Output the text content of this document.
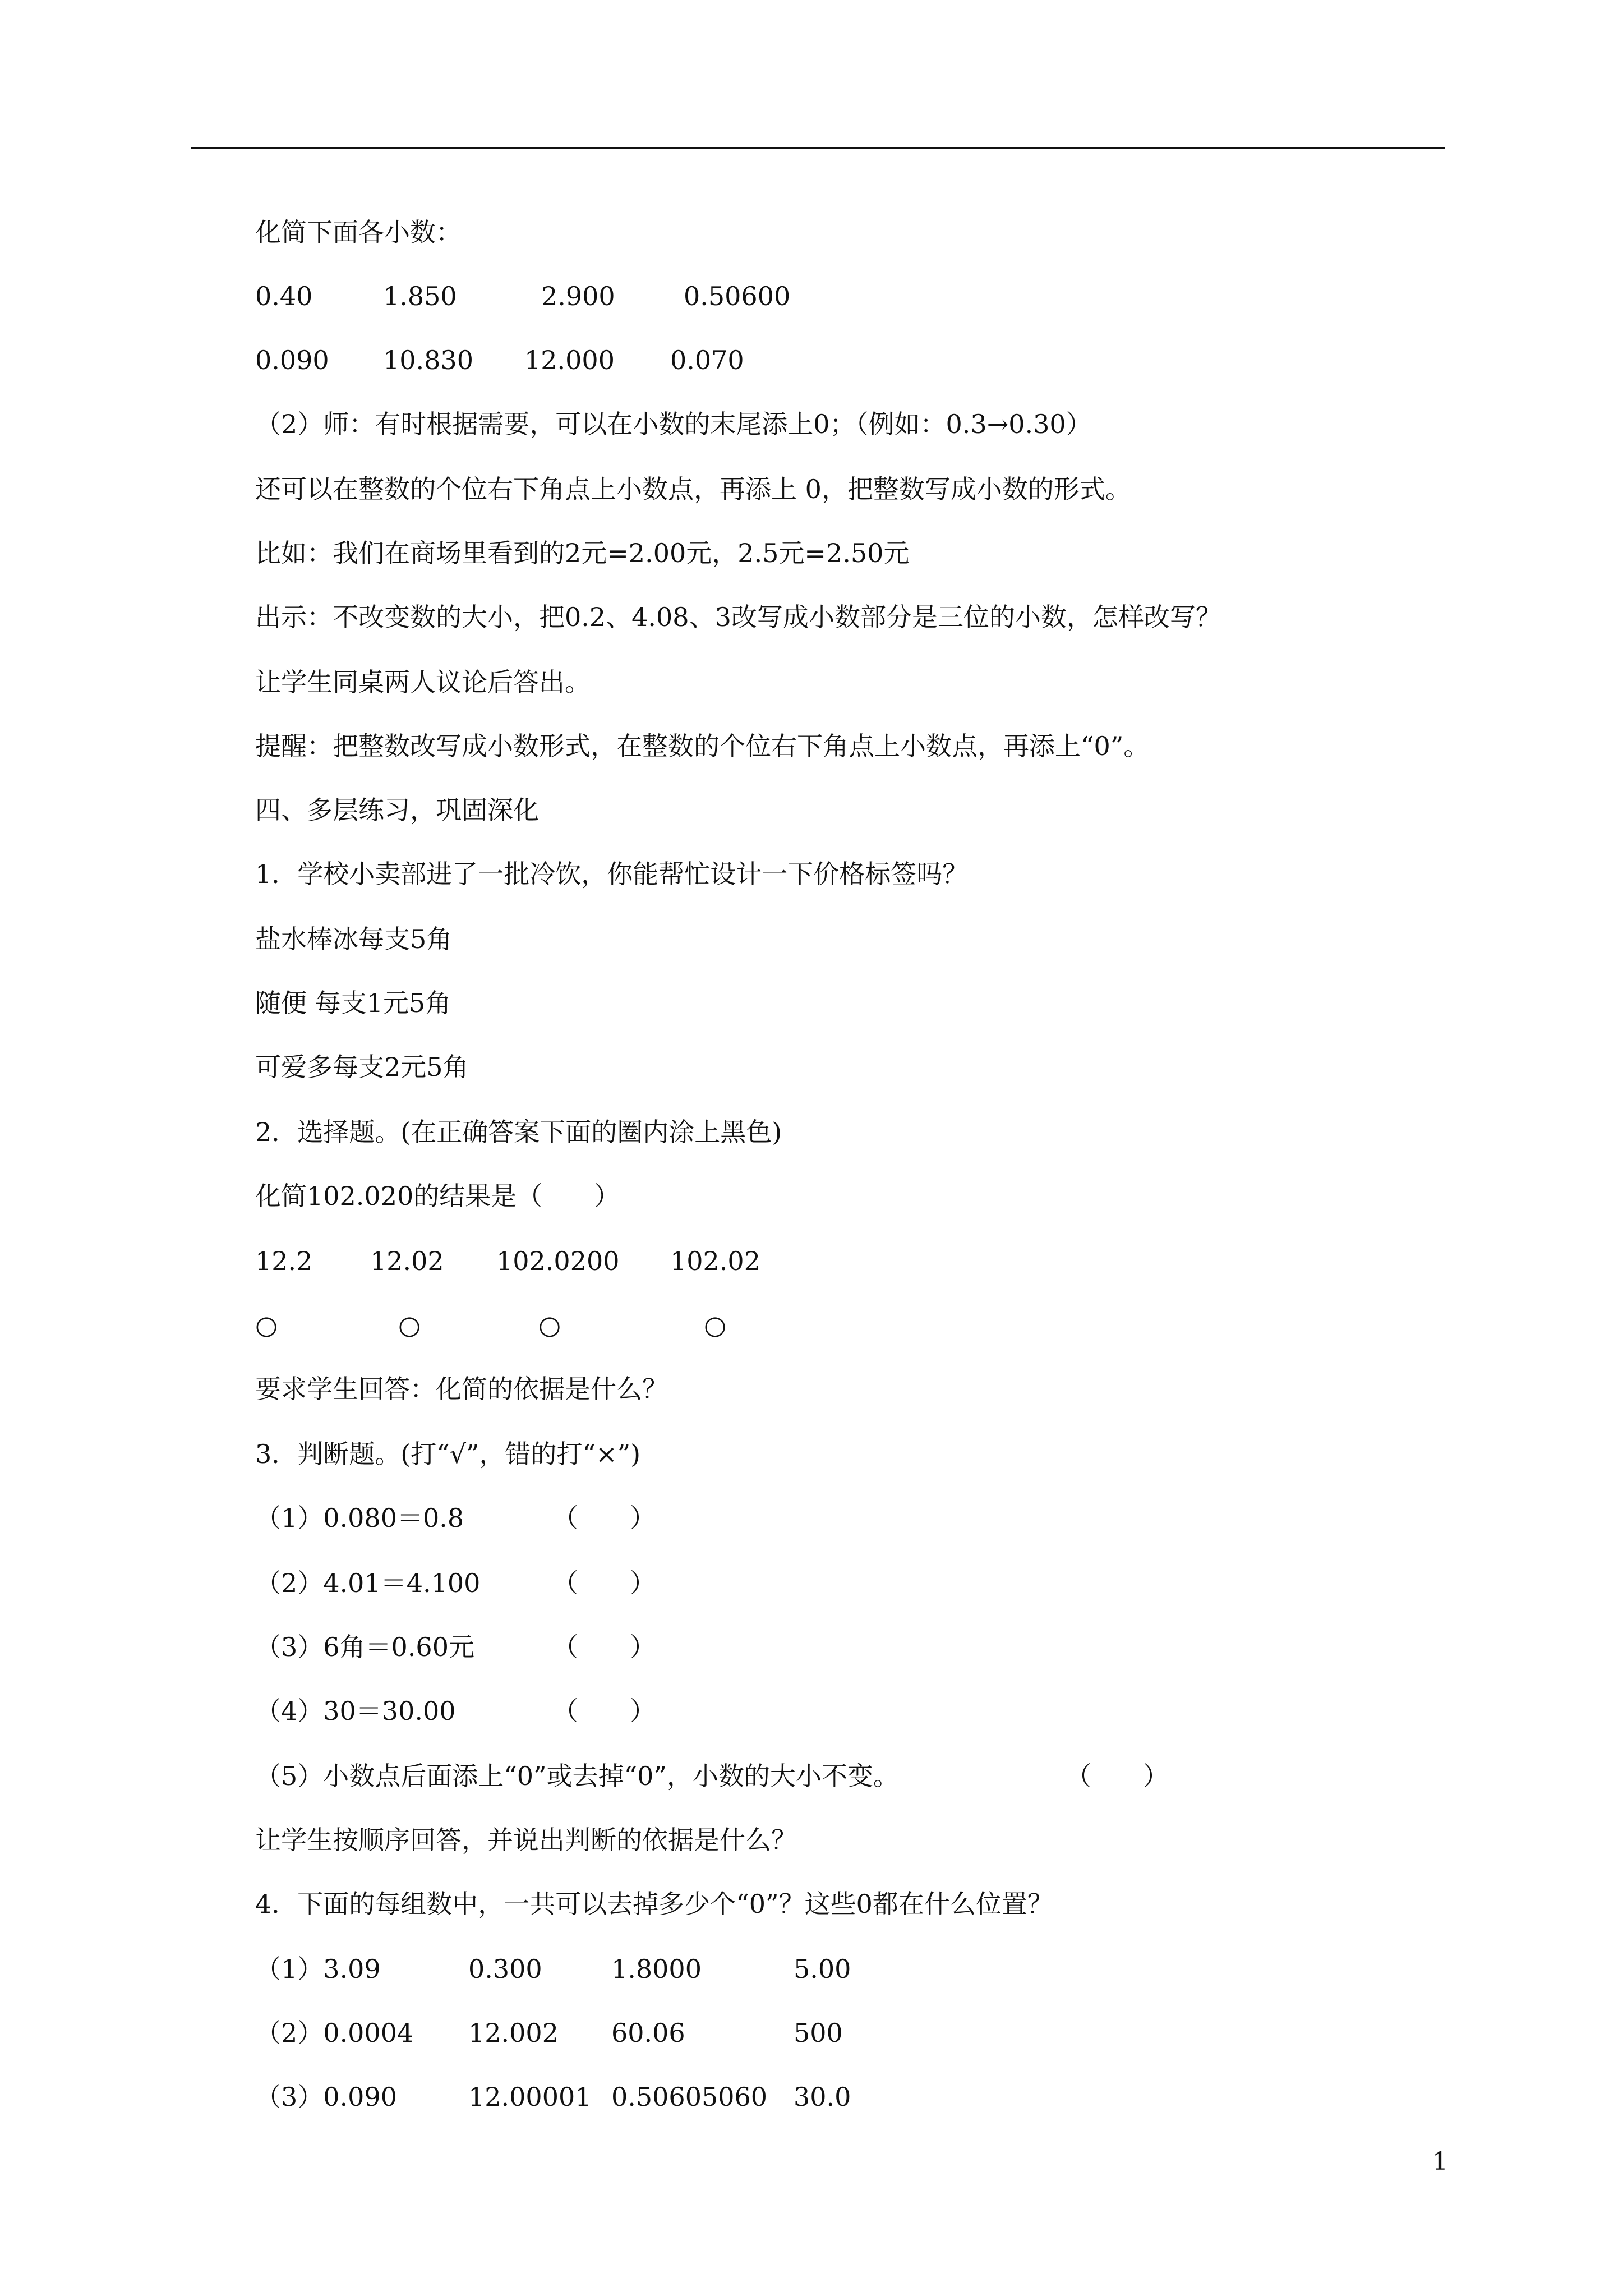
化简下面各小数：
0.40	1.850	2.900	0.50600
0.090 10.830 12.000 0.070
（2）师：有时根据需要，可以在小数的末尾添上0；（例如：0.3→0.30）
还可以在整数的个位右下角点上小数点，再添上 0，把整数写成小数的形式。
比如：我们在商场里看到的2元=2.00元，2.5元=2.50元
出示：不改变数的大小，把0.2、4.08、3改写成小数部分是三位的小数，怎样改写？
让学生同桌两人议论后答出。
提醒：把整数改写成小数形式，在整数的个位右下角点上小数点，再添上“0”。
四、多层练习，巩固深化
1．学校小卖部进了一批冷饮，你能帮忙设计一下价格标签吗？
盐水棒冰每支5角
随便 每支1元5角
可爱多每支2元5角
2．选择题。(在正确答案下面的圈内涂上黑色)
化简102.020的结果是（　　）
12.2 12.02 102.0200 102.02
○	○	○	○
要求学生回答：化简的依据是什么？
3．判断题。(打“√”，错的打“×”)
（1）0.080＝0.8	（　　）
（2）4.01＝4.100	（　　）
（3）6角＝0.60元	（　　）
（4）30＝30.00	（　　）
（5）小数点后面添上“0”或去掉“0”，小数的大小不变。	（　　）
让学生按顺序回答，并说出判断的依据是什么？
4．下面的每组数中，一共可以去掉多少个“0”？这些0都在什么位置？
（1）3.09	0.300	1.8000	5.00
（2）0.0004 12.002 60.06	500
（3）0.090	12.00001 0.50605060 30.0
1
